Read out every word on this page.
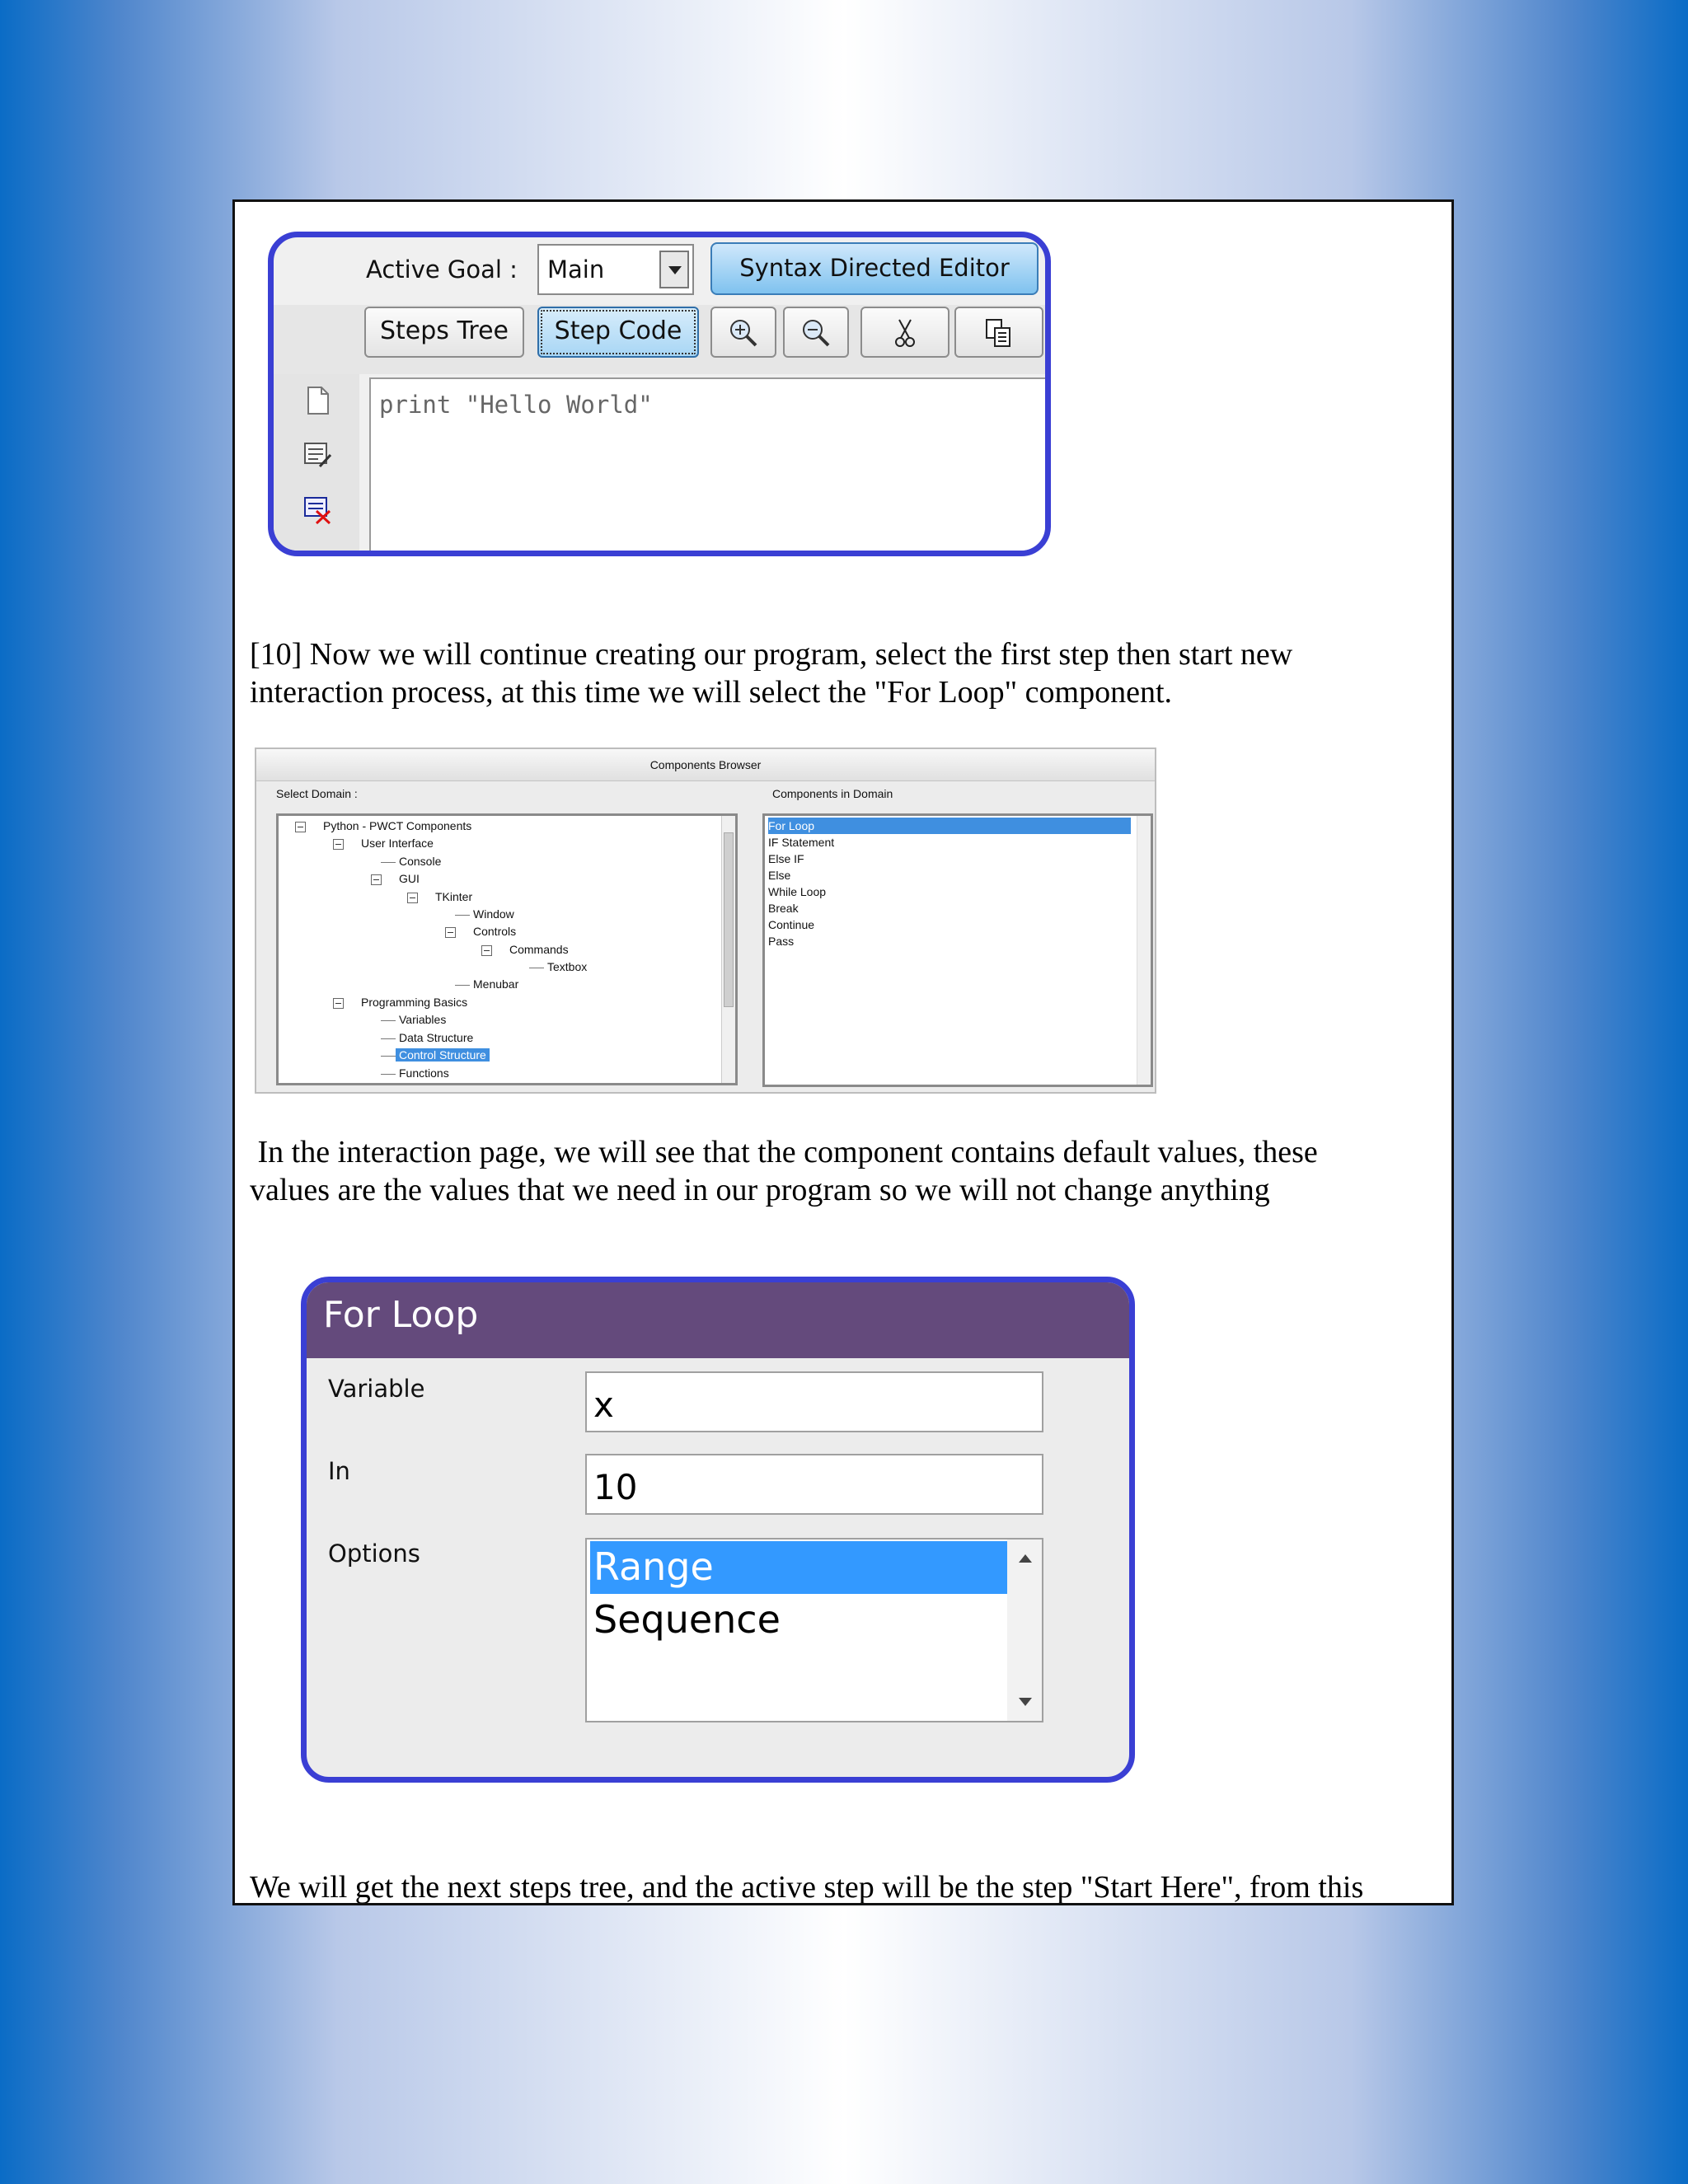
Active Goal : Main	Syntax Directed Editor
Steps Tree	Step Code
print "Hello World"

[10] Now we will continue creating our program, select the first step then start new

interaction process, at this time we will select the "For Loop" component.

Components Browser
Select Domain :	Components in Domain
Python - PWCT Components
User Interface
Console
GUI
TKinter
Window
Controls
Commands
Textbox
Menubar
Programming Basics
Variables
Data Structure
Control Structure
Functions
For Loop
IF Statement
Else IF
Else
While Loop
Break
Continue
Pass

In the interaction page, we will see that the component contains default values, these

values are the values that we need in our program so we will not change anything

For Loop
Variable	x
In	10
Options	Range
Sequence

We will get the next steps tree, and the active step will be the step "Start Here", from this
